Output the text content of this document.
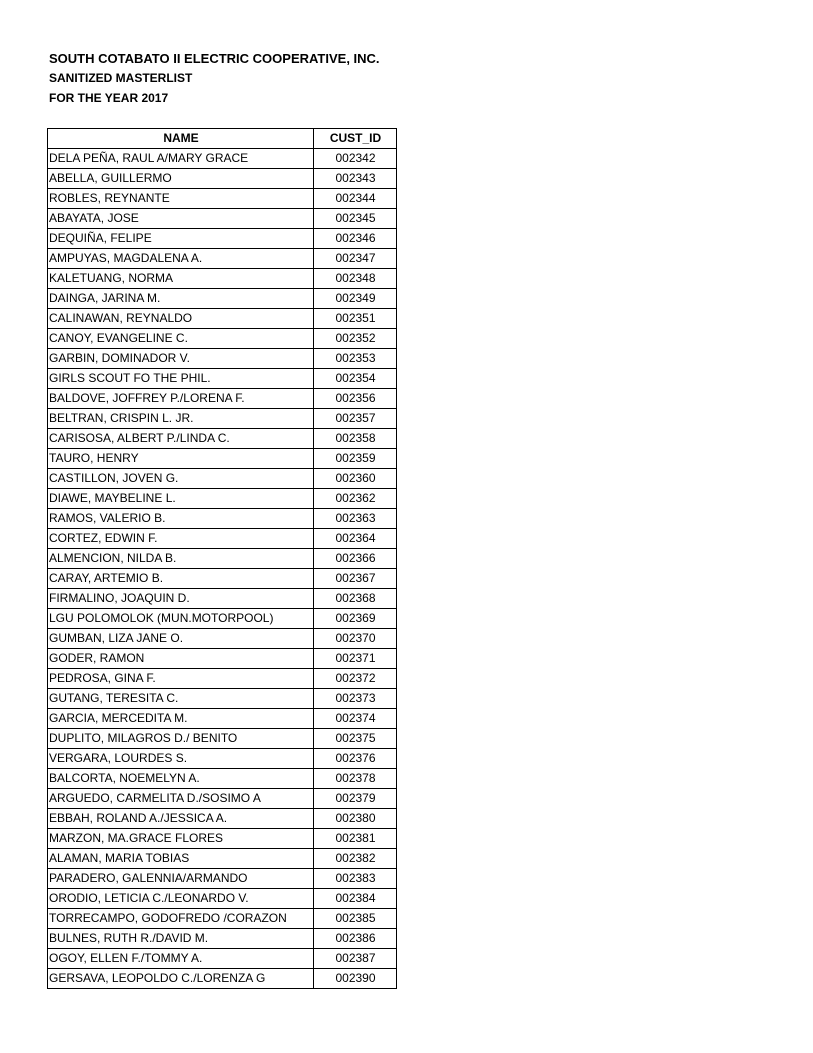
SOUTH COTABATO II ELECTRIC COOPERATIVE, INC.
SANITIZED MASTERLIST
FOR THE YEAR 2017
NAME	CUST_ID
DELA PEÑA, RAUL A/MARY GRACE	002342
ABELLA, GUILLERMO	002343
ROBLES, REYNANTE	002344
ABAYATA, JOSE	002345
DEQUIÑA, FELIPE	002346
AMPUYAS, MAGDALENA A.	002347
KALETUANG, NORMA	002348
DAINGA, JARINA M.	002349
CALINAWAN, REYNALDO	002351
CANOY, EVANGELINE C.	002352
GARBIN, DOMINADOR V.	002353
GIRLS SCOUT FO THE PHIL.	002354
BALDOVE, JOFFREY P./LORENA F.	002356
BELTRAN, CRISPIN L. JR.	002357
CARISOSA, ALBERT P./LINDA C.	002358
TAURO, HENRY	002359
CASTILLON, JOVEN G.	002360
DIAWE, MAYBELINE L.	002362
RAMOS, VALERIO B.	002363
CORTEZ, EDWIN F.	002364
ALMENCION, NILDA B.	002366
CARAY, ARTEMIO B.	002367
FIRMALINO, JOAQUIN D.	002368
LGU POLOMOLOK (MUN.MOTORPOOL)	002369
GUMBAN, LIZA JANE O.	002370
GODER, RAMON	002371
PEDROSA, GINA F.	002372
GUTANG, TERESITA C.	002373
GARCIA, MERCEDITA M.	002374
DUPLITO, MILAGROS D./ BENITO	002375
VERGARA, LOURDES S.	002376
BALCORTA, NOEMELYN A.	002378
ARGUEDO, CARMELITA D./SOSIMO A	002379
EBBAH, ROLAND A./JESSICA A.	002380
MARZON, MA.GRACE FLORES	002381
ALAMAN, MARIA TOBIAS	002382
PARADERO, GALENNIA/ARMANDO	002383
ORODIO, LETICIA C./LEONARDO V.	002384
TORRECAMPO, GODOFREDO /CORAZON	002385
BULNES, RUTH R./DAVID M.	002386
OGOY, ELLEN F./TOMMY A.	002387
GERSAVA, LEOPOLDO C./LORENZA G	002390
